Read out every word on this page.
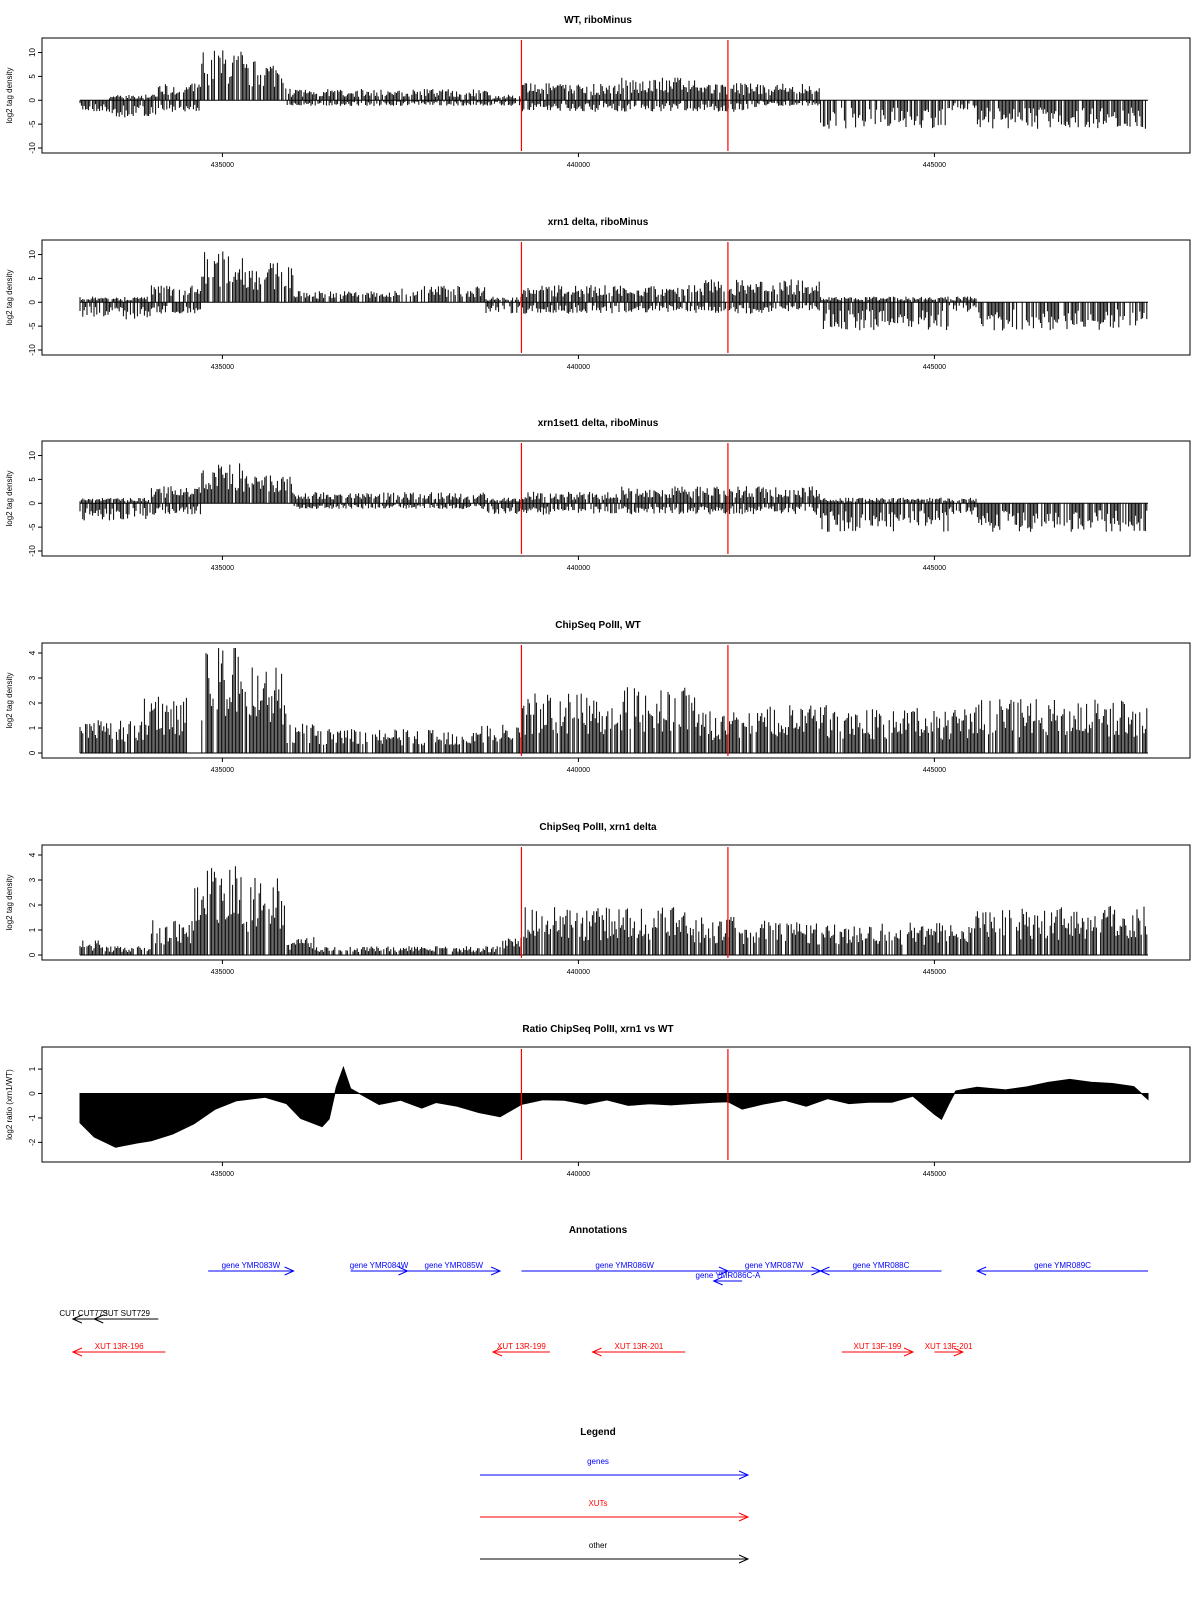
WT, riboMinus
log2 tag density
-10
-5
0
5
10
435000	440000	445000
xrn1 delta, riboMinus
log2 tag density
-10
-5
0
5
10
435000	440000	445000
xrn1set1 delta, riboMinus
log2 tag density
-10
-5
0
5
10
435000	440000	445000
ChipSeq PolII, WT
log2 tag density
0
1
2
3
4
435000	440000	445000
ChipSeq PolII, xrn1 delta
log2 tag density
0
1
2
3
4
435000	440000	445000
Ratio ChipSeq PolII, xrn1 vs WT
log2 ratio (xrn1/WT)
-2
-1
0
1
435000	440000	445000
Annotations
gene YMR083W	gene YMR084W gene YMR085W	gene YMR086W
gene YMR086C-A
gene YMR087W	gene YMR088C	gene YMR089C
SUT SUT729
CUT CUT773
XUT 13R-196	XUT 13R-199	XUT 13R-201	XUT 13F-199	XUT 13F-201
Legend
genes
XUTs
other
